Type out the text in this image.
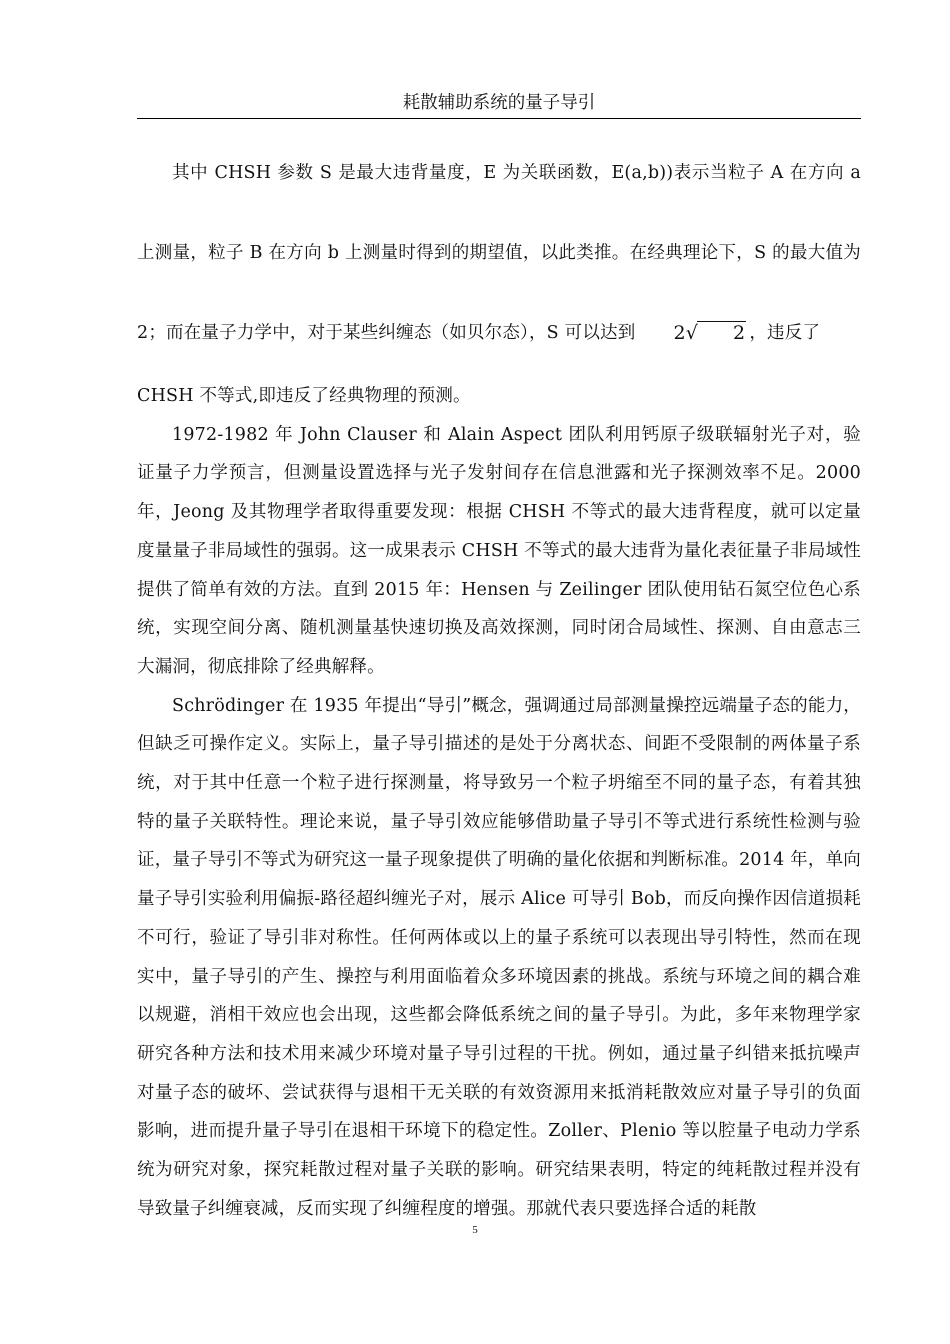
耗散辅助系统的量子导引

其中 CHSH 参数 S 是最大违背量度，E 为关联函数，E(a,b))表示当粒子 A 在方向 a 上测量，粒子 B 在方向 b 上测量时得到的期望值，以此类推。在经典理论下，S 的最大值为 2；而在量子力学中，对于某些纠缠态（如贝尔态），S 可以达到 2√ 2 ，违反了

CHSH 不等式,即违反了经典物理的预测。

1972-1982 年 John Clauser 和 Alain Aspect 团队利用钙原子级联辐射光子对，验证量子力学预言，但测量设置选择与光子发射间存在信息泄露和光子探测效率不足。2000 年，Jeong 及其物理学者取得重要发现：根据 CHSH 不等式的最大违背程度，就可以定量度量量子非局域性的强弱。这一成果表示 CHSH 不等式的最大违背为量化表征量子非局域性提供了简单有效的方法。直到 2015 年：Hensen 与 Zeilinger 团队使用钻石氮空位色心系统，实现空间分离、随机测量基快速切换及高效探测，同时闭合局域性、探测、自由意志三大漏洞，彻底排除了经典解释。

Schrödinger 在 1935 年提出“导引”概念，强调通过局部测量操控远端量子态的能力，但缺乏可操作定义。实际上，量子导引描述的是处于分离状态、间距不受限制的两体量子系统，对于其中任意一个粒子进行探测量，将导致另一个粒子坍缩至不同的量子态，有着其独特的量子关联特性。理论来说，量子导引效应能够借助量子导引不等式进行系统性检测与验证，量子导引不等式为研究这一量子现象提供了明确的量化依据和判断标准。2014 年，单向量子导引实验利用偏振-路径超纠缠光子对，展示 Alice 可导引 Bob，而反向操作因信道损耗不可行，验证了导引非对称性。任何两体或以上的量子系统可以表现出导引特性，然而在现实中，量子导引的产生、操控与利用面临着众多环境因素的挑战。系统与环境之间的耦合难以规避，消相干效应也会出现，这些都会降低系统之间的量子导引。为此，多年来物理学家研究各种方法和技术用来减少环境对量子导引过程的干扰。例如，通过量子纠错来抵抗噪声对量子态的破坏、尝试获得与退相干无关联的有效资源用来抵消耗散效应对量子导引的负面影响，进而提升量子导引在退相干环境下的稳定性。Zoller、Plenio 等以腔量子电动力学系统为研究对象，探究耗散过程对量子关联的影响。研究结果表明，特定的纯耗散过程并没有导致量子纠缠衰减，反而实现了纠缠程度的增强。那就代表只要选择合适的耗散

5
